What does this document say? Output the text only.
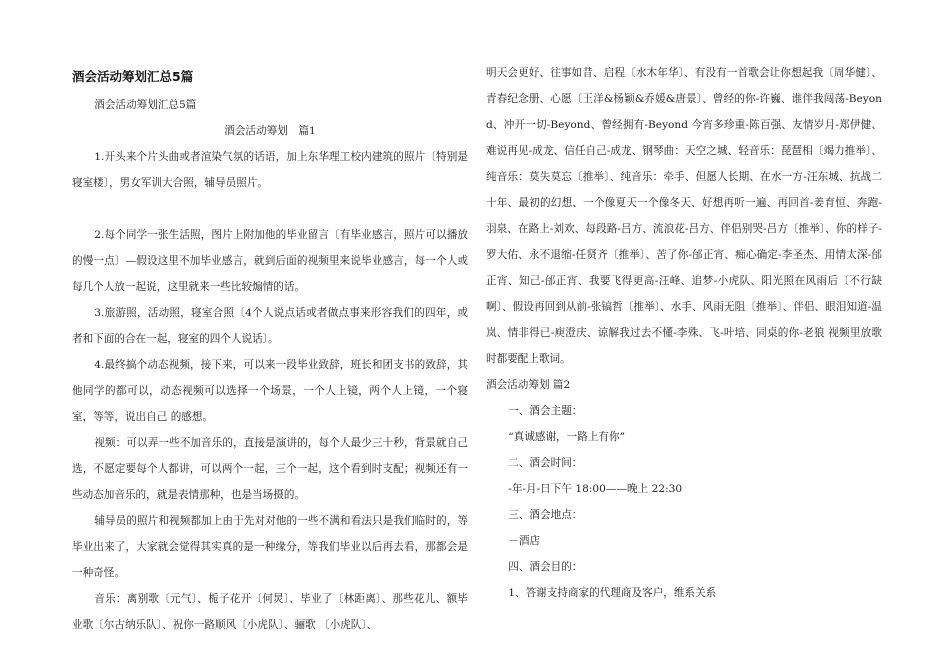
酒会活动筹划汇总5篇

酒会活动筹划汇总5篇

酒会活动筹划　篇1

1.开头来个片头曲或者渲染气氛的话语，加上东华理工校内建筑的照片〔特别是寝室楼〕，男女军训大合照，辅导员照片。

2.每个同学一张生活照，图片上附加他的毕业留言〔有毕业感言，照片可以播放的慢一点〕—假设这里不加毕业感言，就到后面的视频里来说毕业感言，每一个人或每几个人放一起说，这里就来一些比较煽情的话。

3.旅游照，活动照，寝室合照〔4个人说点话或者做点事来形容我们的四年，或者和下面的合在一起，寝室的四个人说话〕。

4.最终搞个动态视频，接下来，可以来一段毕业致辞，班长和团支书的致辞，其他同学的都可以，动态视频可以选择一个场景，一个人上镜，两个人上镜，一个寝室，等等，说出自己 的感想。

视频：可以弄一些不加音乐的，直接是演讲的，每个人最少三十秒，背景就自己选，不愿定要每个人都讲，可以两个一起，三个一起，这个看到时支配；视频还有一些动态加音乐的，就是表情那种，也是当场摄的。

辅导员的照片和视频都加上由于先对对他的一些不满和看法只是我们临时的，等毕业出来了，大家就会觉得其实真的是一种缘分，等我们毕业以后再去看，那都会是一种奇怪。

音乐：离别歌〔元气〕、栀子花开〔何炅〕、毕业了〔林距离〕、那些花儿、额毕业歌〔尔古纳乐队〕、祝你一路顺风〔小虎队〕、骊歌 〔小虎队〕、

明天会更好、往事如昔、启程〔水木年华〕、有没有一首歌会让你想起我〔周华健〕、青春纪念册、心愿〔王洋&杨颖&乔媛&唐景〕、曾经的你-许巍、谁伴我闯荡-Beyond、冲开一切-Beyond、曾经拥有-Beyond 今宵多珍重-陈百强、友情岁月-郑伊健、难说再见-成龙、信任自己-成龙、钢琴曲：天空之城、轻音乐：琵琶相〔竭力推举〕、纯音乐：莫失莫忘〔推举〕、纯音乐：牵手、但愿人长期、在水一方-汪东城、抗战二十年、最初的幻想、一个像夏天一个像冬天、好想再听一遍、再回首-姜育恒、奔跑-羽泉、在路上-刘欢、每段路-吕方、流浪花-吕方、伴侣别哭-吕方〔推举〕、你的样子-罗大佑、永不退缩-任贤齐〔推举〕、苦了你-邰正宵、痴心确定-李圣杰、用情太深-邰正宵、知己-邰正宵、我要飞得更高-汪峰、追梦-小虎队、阳光照在风雨后〔不行缺啊〕、假设再回到从前-张镐哲〔推举〕、水手、风雨无阻〔推举〕、伴侣、眼泪知道-温岚、情非得已-庾澄庆、谅解我过去不懂-李殊、飞-叶培、同桌的你-老狼 视频里放歌时都要配上歌词。

酒会活动筹划 篇2

一、酒会主题：

“真诚感谢，一路上有你”

二、酒会时间：

-年-月-日下午 18:00——晚上 22:30

三、酒会地点：

－酒店

四、酒会目的：

1、答谢支持商家的代理商及客户，维系关系
